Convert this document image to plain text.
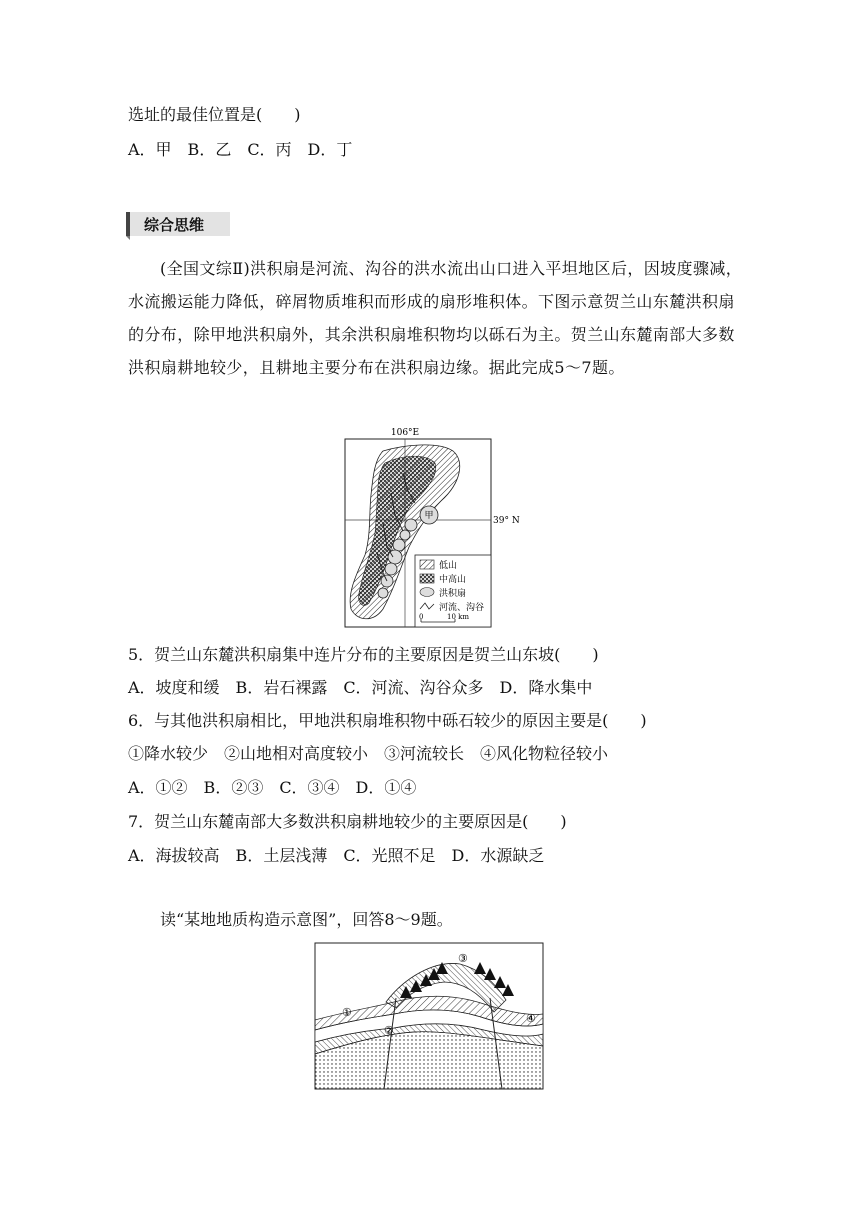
选址的最佳位置是(　　)
A．甲　B．乙　C．丙　D．丁
综合思维
(全国文综Ⅱ)洪积扇是河流、沟谷的洪水流出山口进入平坦地区后，因坡度骤减，水流搬运能力降低，碎屑物质堆积而形成的扇形堆积体。下图示意贺兰山东麓洪积扇的分布，除甲地洪积扇外，其余洪积扇堆积物均以砾石为主。贺兰山东麓南部大多数洪积扇耕地较少，且耕地主要分布在洪积扇边缘。据此完成5～7题。
106°E
39° N
甲
低山
中高山
洪积扇
河流、沟谷
0	10 km
5．贺兰山东麓洪积扇集中连片分布的主要原因是贺兰山东坡(　　)
A．坡度和缓　B．岩石裸露　C．河流、沟谷众多　D．降水集中
6．与其他洪积扇相比，甲地洪积扇堆积物中砾石较少的原因主要是(　　)
①降水较少　②山地相对高度较小　③河流较长　④风化物粒径较小
A．①②　B．②③　C．③④　D．①④
7．贺兰山东麓南部大多数洪积扇耕地较少的主要原因是(　　)
A．海拔较高　B．土层浅薄　C．光照不足　D．水源缺乏
读“某地地质构造示意图”，回答8～9题。
①
②
③
④
